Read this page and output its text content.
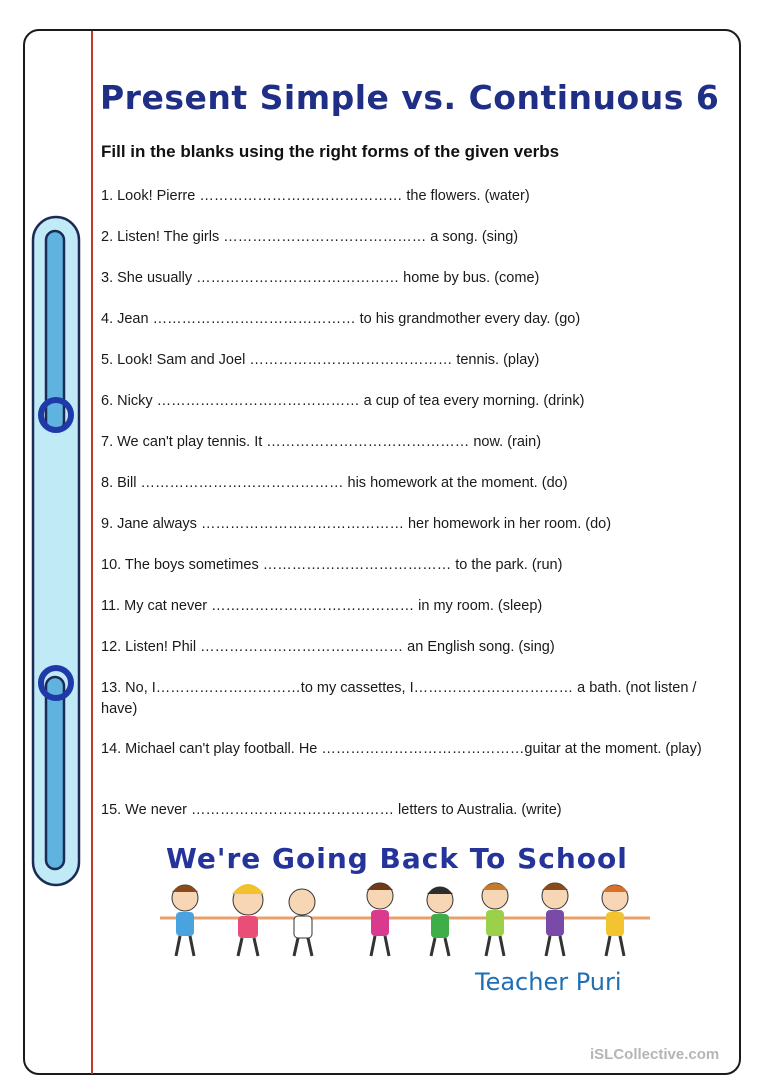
Present Simple vs. Continuous 6
Fill in the blanks using the right forms of the given verbs
1. Look! Pierre …………………………………… the flowers. (water)
2. Listen! The girls …………………………………… a song. (sing)
3. She usually …………………………………… home by bus. (come)
4. Jean …………………………………… to his grandmother every day. (go)
5. Look! Sam and Joel …………………………………… tennis. (play)
6. Nicky …………………………………… a cup of tea every morning. (drink)
7. We can't play tennis. It …………………………………… now. (rain)
8. Bill …………………………………… his homework at the moment. (do)
9. Jane always …………………………………… her homework in her room. (do)
10. The boys sometimes ………………………………… to the park. (run)
11. My cat never …………………………………… in my room. (sleep)
12. Listen! Phil …………………………………… an English song. (sing)
13. No, I…………………………to my cassettes, I…………………………… a bath. (not listen / have)
14. Michael can't play football. He ……………………………………guitar at the moment. (play)
15. We never …………………………………… letters to Australia. (write)
We're Going Back To School
Teacher Puri
iSLCollective.com
